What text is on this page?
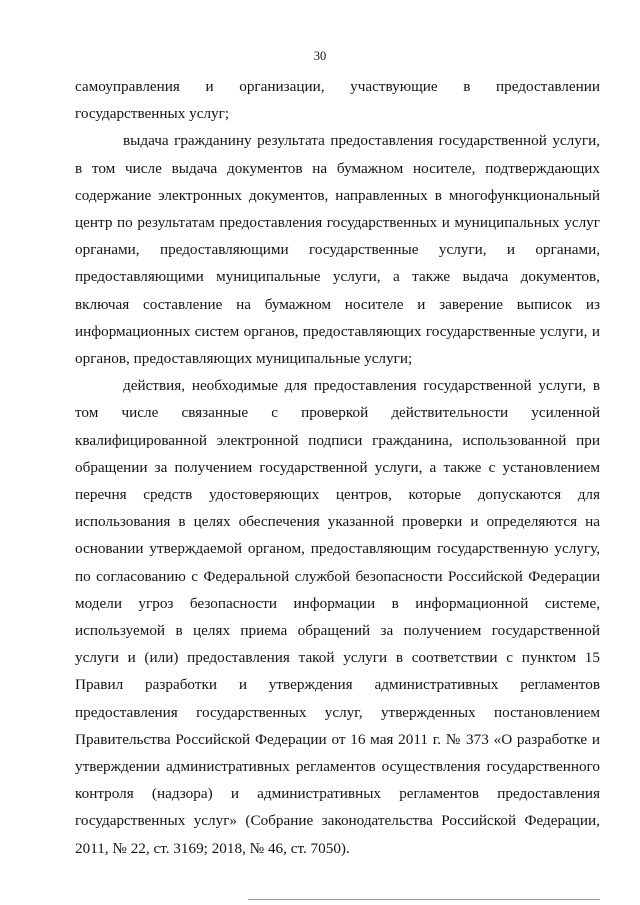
30

самоуправления и организации, участвующие в предоставлении государственных услуг;

выдача гражданину результата предоставления государственной услуги, в том числе выдача документов на бумажном носителе, подтверждающих содержание электронных документов, направленных в многофункциональный центр по результатам предоставления государственных и муниципальных услуг органами, предоставляющими государственные услуги, и органами, предоставляющими муниципальные услуги, а также выдача документов, включая составление на бумажном носителе и заверение выписок из информационных систем органов, предоставляющих государственные услуги, и органов, предоставляющих муниципальные услуги;

действия, необходимые для предоставления государственной услуги, в том числе связанные с проверкой действительности усиленной квалифицированной электронной подписи гражданина, использованной при обращении за получением государственной услуги, а также с установлением перечня средств удостоверяющих центров, которые допускаются для использования в целях обеспечения указанной проверки и определяются на основании утверждаемой органом, предоставляющим государственную услугу, по согласованию с Федеральной службой безопасности Российской Федерации модели угроз безопасности информации в информационной системе, используемой в целях приема обращений за получением государственной услуги и (или) предоставления такой услуги в соответствии с пунктом 15 Правил разработки и утверждения административных регламентов предоставления государственных услуг, утвержденных постановлением Правительства Российской Федерации от 16 мая 2011 г. № 373 «О разработке и утверждении административных регламентов осуществления государственного контроля (надзора) и административных регламентов предоставления государственных услуг» (Собрание законодательства Российской Федерации, 2011, № 22, ст. 3169; 2018, № 46, ст. 7050).
